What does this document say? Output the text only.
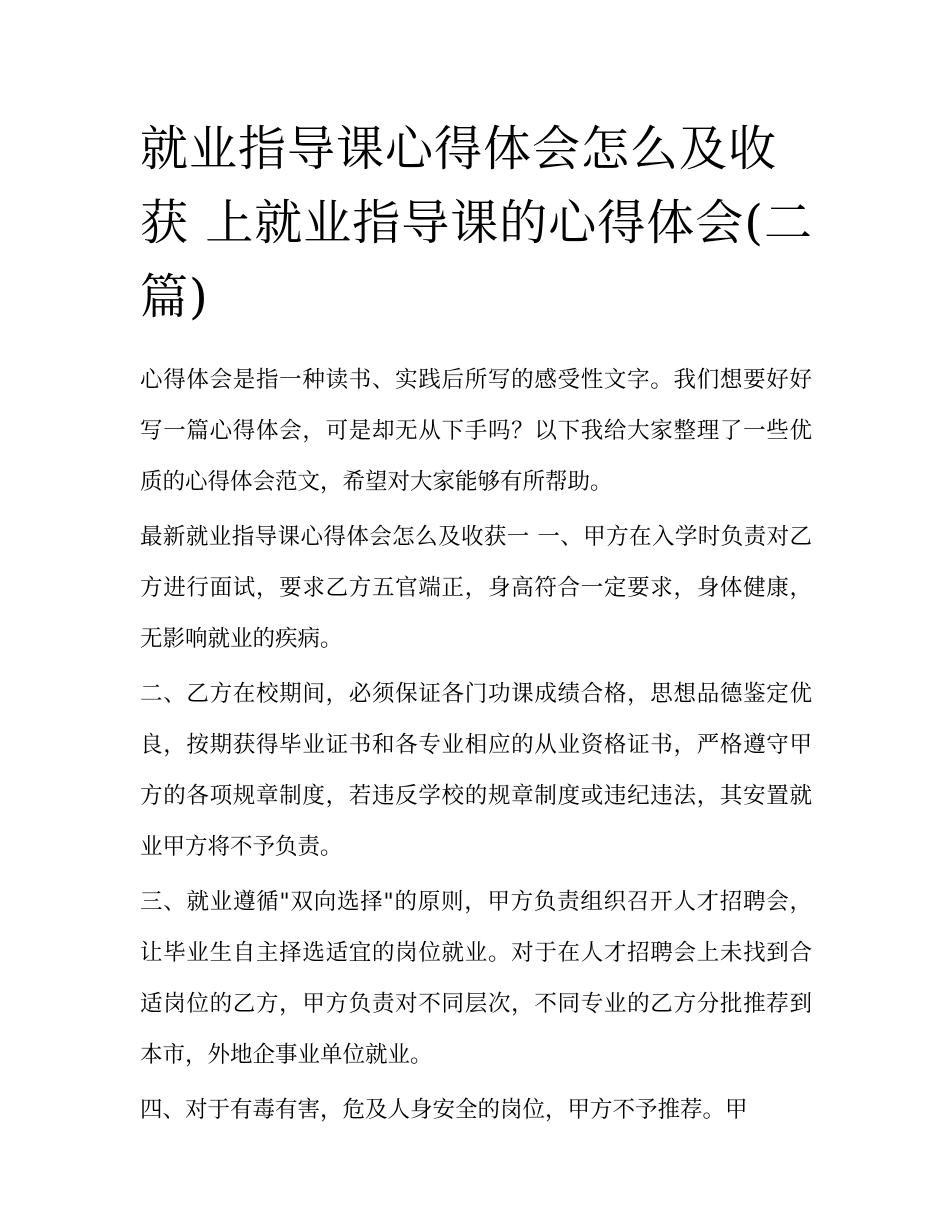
就业指导课心得体会怎么及收获 上就业指导课的心得体会(二篇)

心得体会是指一种读书、实践后所写的感受性文字。我们想要好好写一篇心得体会，可是却无从下手吗？以下我给大家整理了一些优质的心得体会范文，希望对大家能够有所帮助。

最新就业指导课心得体会怎么及收获一 一、甲方在入学时负责对乙方进行面试，要求乙方五官端正，身高符合一定要求，身体健康，无影响就业的疾病。

二、乙方在校期间，必须保证各门功课成绩合格，思想品德鉴定优良，按期获得毕业证书和各专业相应的从业资格证书，严格遵守甲方的各项规章制度，若违反学校的规章制度或违纪违法，其安置就业甲方将不予负责。

三、就业遵循"双向选择"的原则，甲方负责组织召开人才招聘会，让毕业生自主择选适宜的岗位就业。对于在人才招聘会上未找到合适岗位的乙方，甲方负责对不同层次，不同专业的乙方分批推荐到本市，外地企事业单位就业。

四、对于有毒有害，危及人身安全的岗位，甲方不予推荐。甲
